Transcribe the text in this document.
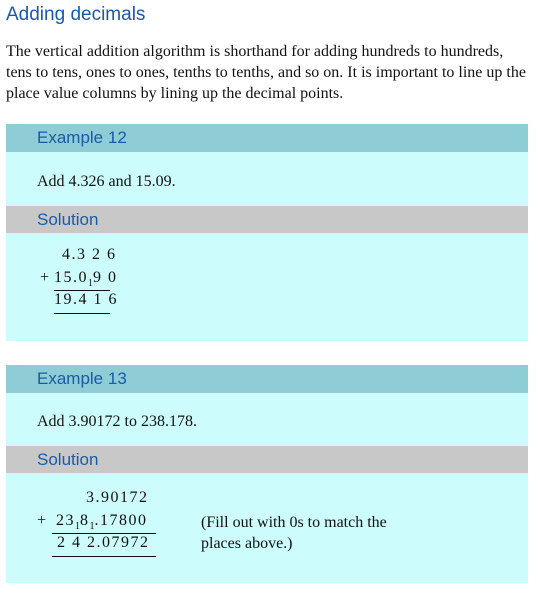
Adding decimals
The vertical addition algorithm is shorthand for adding hundreds to hundreds, tens to tens, ones to ones, tenths to tenths, and so on. It is important to line up the place value columns by lining up the decimal points.
Example 12
Add 4.326 and 15.09.
Solution
4.3 2 6
+ $15.0_19$ 0
19.4 1 6
Example 13
Add 3.90172 to 238.178.
Solution
3.90172
+ $23_18_1.17800$
2 4 2.07972
(Fill out with 0s to match the places above.)
